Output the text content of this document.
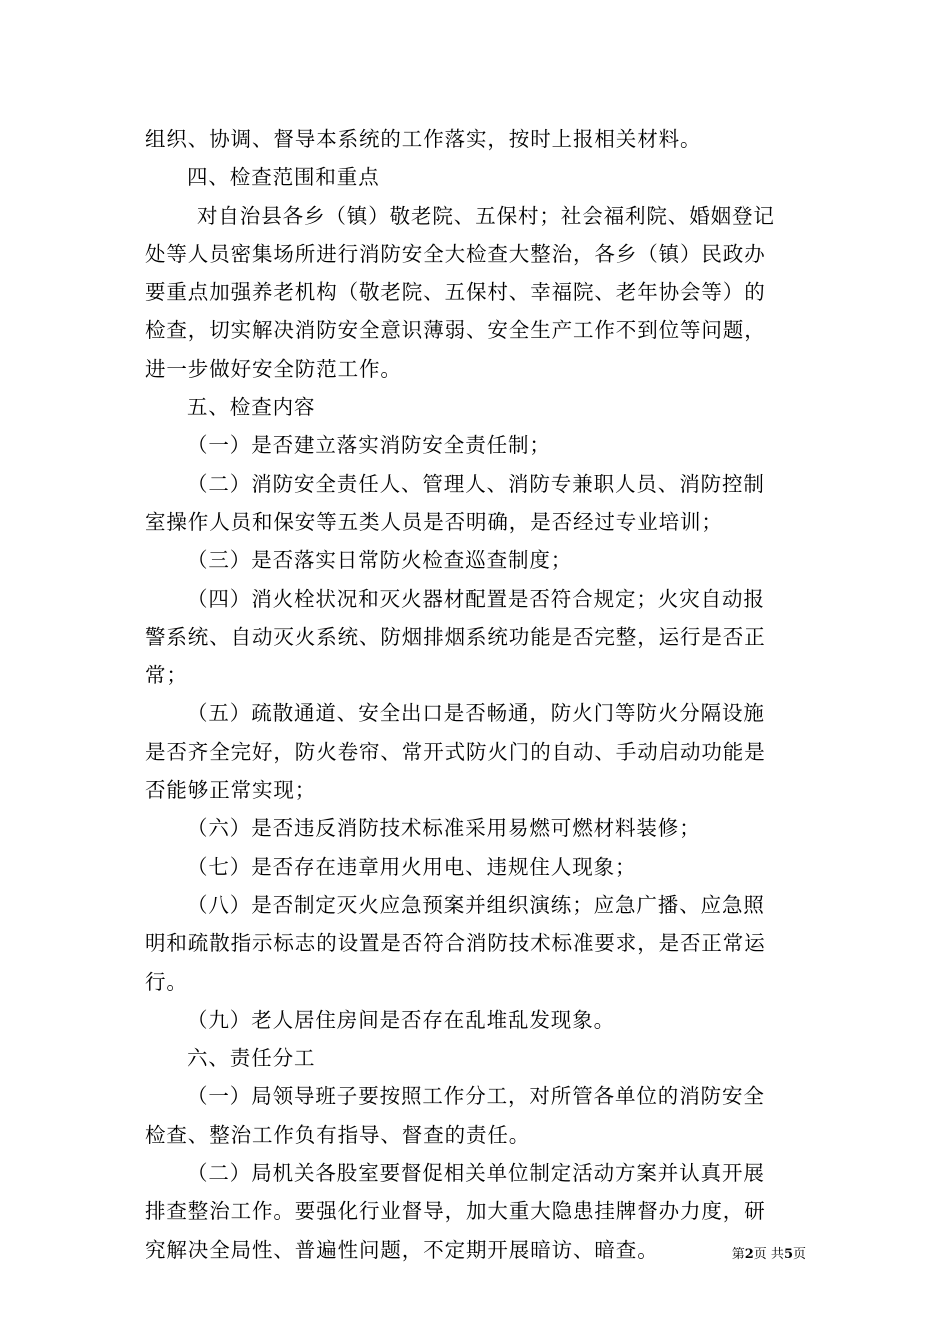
组织、协调、督导本系统的工作落实，按时上报相关材料。
四、检查范围和重点
对自治县各乡（镇）敬老院、五保村；社会福利院、婚姻登记
处等人员密集场所进行消防安全大检查大整治，各乡（镇）民政办
要重点加强养老机构（敬老院、五保村、幸福院、老年协会等）的
检查，切实解决消防安全意识薄弱、安全生产工作不到位等问题，
进一步做好安全防范工作。
五、检查内容
（一）是否建立落实消防安全责任制；
（二）消防安全责任人、管理人、消防专兼职人员、消防控制
室操作人员和保安等五类人员是否明确，是否经过专业培训；
（三）是否落实日常防火检查巡查制度；
（四）消火栓状况和灭火器材配置是否符合规定；火灾自动报
警系统、自动灭火系统、防烟排烟系统功能是否完整，运行是否正
常；
（五）疏散通道、安全出口是否畅通，防火门等防火分隔设施
是否齐全完好，防火卷帘、常开式防火门的自动、手动启动功能是
否能够正常实现；
（六）是否违反消防技术标准采用易燃可燃材料装修；
（七）是否存在违章用火用电、违规住人现象；
（八）是否制定灭火应急预案并组织演练；应急广播、应急照
明和疏散指示标志的设置是否符合消防技术标准要求，是否正常运
行。
（九）老人居住房间是否存在乱堆乱发现象。
六、责任分工
（一）局领导班子要按照工作分工，对所管各单位的消防安全
检查、整治工作负有指导、督查的责任。
（二）局机关各股室要督促相关单位制定活动方案并认真开展
排查整治工作。要强化行业督导，加大重大隐患挂牌督办力度，研
究解决全局性、普遍性问题，不定期开展暗访、暗查。	第2页 共5页
